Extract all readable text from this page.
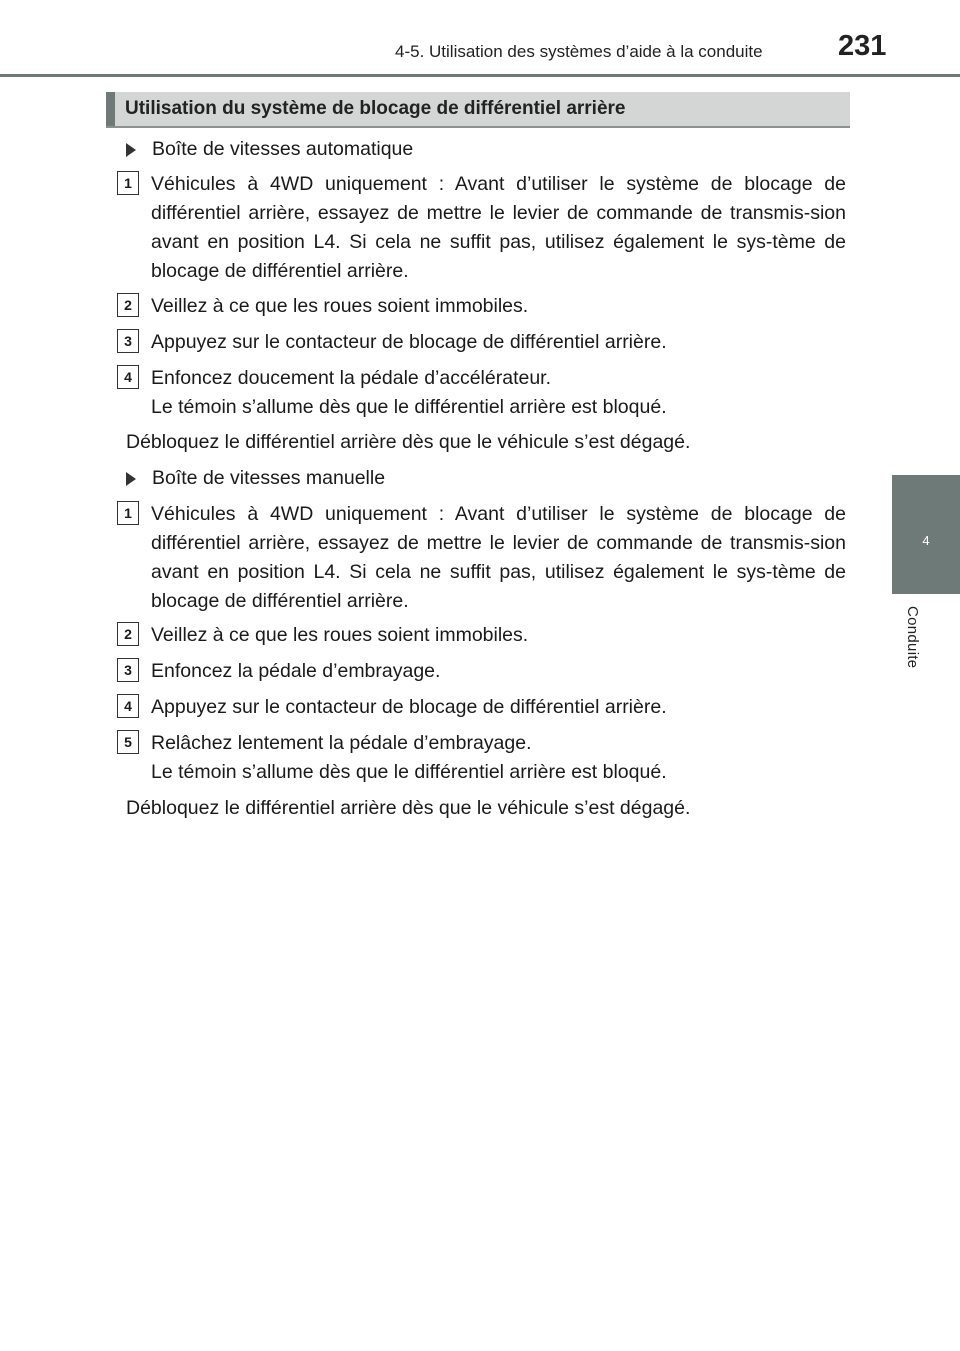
4-5. Utilisation des systèmes d’aide à la conduite	231
4
Conduite
Utilisation du système de blocage de différentiel arrière
Boîte de vitesses automatique
1 Véhicules à 4WD uniquement : Avant d’utiliser le système de blocage de différentiel arrière, essayez de mettre le levier de commande de transmis-sion avant en position L4. Si cela ne suffit pas, utilisez également le sys-tème de blocage de différentiel arrière.
2 Veillez à ce que les roues soient immobiles.
3 Appuyez sur le contacteur de blocage de différentiel arrière.
4 Enfoncez doucement la pédale d’accélérateur.
Le témoin s’allume dès que le différentiel arrière est bloqué.
Débloquez le différentiel arrière dès que le véhicule s’est dégagé.
Boîte de vitesses manuelle
1 Véhicules à 4WD uniquement : Avant d’utiliser le système de blocage de différentiel arrière, essayez de mettre le levier de commande de transmis-sion avant en position L4. Si cela ne suffit pas, utilisez également le sys-tème de blocage de différentiel arrière.
2 Veillez à ce que les roues soient immobiles.
3 Enfoncez la pédale d’embrayage.
4 Appuyez sur le contacteur de blocage de différentiel arrière.
5 Relâchez lentement la pédale d’embrayage.
Le témoin s’allume dès que le différentiel arrière est bloqué.
Débloquez le différentiel arrière dès que le véhicule s’est dégagé.
